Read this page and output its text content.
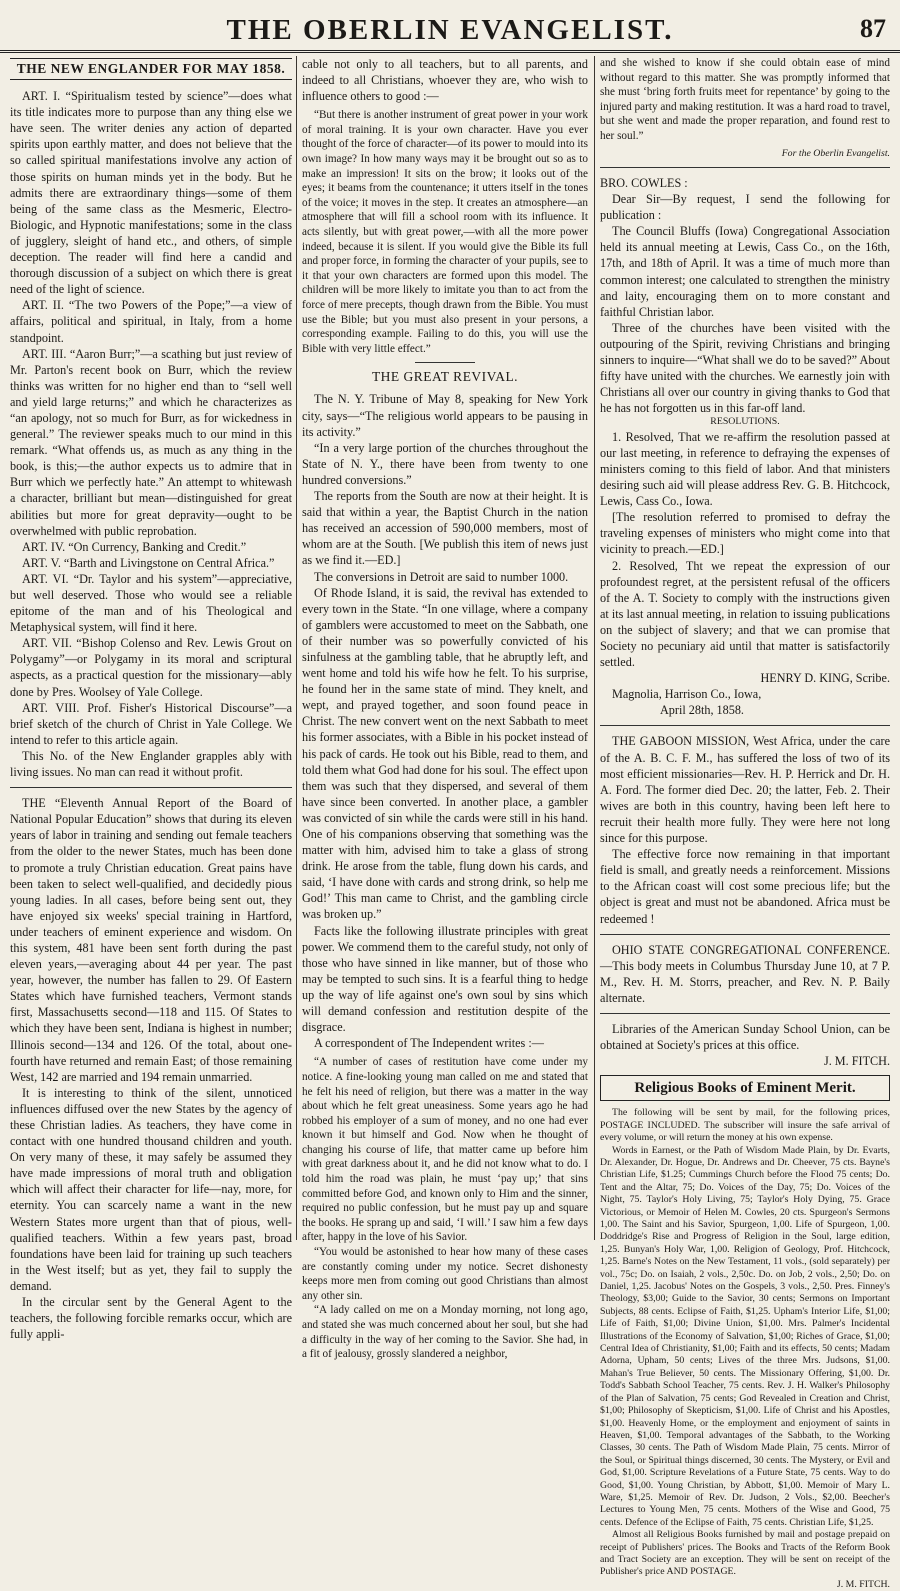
THE OBERLIN EVANGELIST.	87
THE NEW ENGLANDER FOR MAY 1858.

ART. I. “Spiritualism tested by science”—does what its title indicates more to purpose than any thing else we have seen. The writer denies any action of departed spirits upon earthly matter, and does not believe that the so called spiritual manifestations involve any action of those spirits on human minds yet in the body. But he admits there are extraordinary things—some of them being of the same class as the Mesmeric, Electro-Biologic, and Hypnotic manifestations; some in the class of jugglery, sleight of hand etc., and others, of simple deception. The reader will find here a candid and thorough discussion of a subject on which there is great need of the light of science.

ART. II. “The two Powers of the Pope;”—a view of affairs, political and spiritual, in Italy, from a home standpoint.

ART. III. “Aaron Burr;”—a scathing but just review of Mr. Parton's recent book on Burr, which the review thinks was written for no higher end than to “sell well and yield large returns;” and which he characterizes as “an apology, not so much for Burr, as for wickedness in general.” The reviewer speaks much to our mind in this remark. “What offends us, as much as any thing in the book, is this;—the author expects us to admire that in Burr which we perfectly hate.” An attempt to whitewash a character, brilliant but mean—distinguished for great abilities but more for great depravity—ought to be overwhelmed with public reprobation.

ART. IV. “On Currency, Banking and Credit.”

ART. V. “Barth and Livingstone on Central Africa.”

ART. VI. “Dr. Taylor and his system”—appreciative, but well deserved. Those who would see a reliable epitome of the man and of his Theological and Metaphysical system, will find it here.

ART. VII. “Bishop Colenso and Rev. Lewis Grout on Polygamy”—or Polygamy in its moral and scriptural aspects, as a practical question for the missionary—ably done by Pres. Woolsey of Yale College.

ART. VIII. Prof. Fisher's Historical Discourse”—a brief sketch of the church of Christ in Yale College. We intend to refer to this article again.

This No. of the New Englander grapples ably with living issues. No man can read it without profit.

THE “Eleventh Annual Report of the Board of National Popular Education” shows that during its eleven years of labor in training and sending out female teachers from the older to the newer States, much has been done to promote a truly Christian education. Great pains have been taken to select well-qualified, and decidedly pious young ladies. In all cases, before being sent out, they have enjoyed six weeks' special training in Hartford, under teachers of eminent experience and wisdom. On this system, 481 have been sent forth during the past eleven years,—averaging about 44 per year. The past year, however, the number has fallen to 29. Of Eastern States which have furnished teachers, Vermont stands first, Massachusetts second—118 and 115. Of States to which they have been sent, Indiana is highest in number; Illinois second—134 and 126. Of the total, about one-fourth have returned and remain East; of those remaining West, 142 are married and 194 remain unmarried.

It is interesting to think of the silent, unnoticed influences diffused over the new States by the agency of these Christian ladies. As teachers, they have come in contact with one hundred thousand children and youth. On very many of these, it may safely be assumed they have made impressions of moral truth and obligation which will affect their character for life—nay, more, for eternity. You can scarcely name a want in the new Western States more urgent than that of pious, well-qualified teachers. Within a few years past, broad foundations have been laid for training up such teachers in the West itself; but as yet, they fail to supply the demand.

In the circular sent by the General Agent to the teachers, the following forcible remarks occur, which are fully appli-

cable not only to all teachers, but to all parents, and indeed to all Christians, whoever they are, who wish to influence others to good :—

“But there is another instrument of great power in your work of moral training. It is your own character. Have you ever thought of the force of character—of its power to mould into its own image? In how many ways may it be brought out so as to make an impression! It sits on the brow; it looks out of the eyes; it beams from the countenance; it utters itself in the tones of the voice; it moves in the step. It creates an atmosphere—an atmosphere that will fill a school room with its influence. It acts silently, but with great power,—with all the more power indeed, because it is silent. If you would give the Bible its full and proper force, in forming the character of your pupils, see to it that your own characters are formed upon this model. The children will be more likely to imitate you than to act from the force of mere precepts, though drawn from the Bible. You must use the Bible; but you must also present in your persons, a corresponding example. Failing to do this, you will use the Bible with very little effect.”

THE GREAT REVIVAL.

The N. Y. Tribune of May 8, speaking for New York city, says—“The religious world appears to be pausing in its activity.”

“In a very large portion of the churches throughout the State of N. Y., there have been from twenty to one hundred conversions.”

The reports from the South are now at their height. It is said that within a year, the Baptist Church in the nation has received an accession of 590,000 members, most of whom are at the South. [We publish this item of news just as we find it.—ED.]

The conversions in Detroit are said to number 1000.

Of Rhode Island, it is said, the revival has extended to every town in the State. “In one village, where a company of gamblers were accustomed to meet on the Sabbath, one of their number was so powerfully convicted of his sinfulness at the gambling table, that he abruptly left, and went home and told his wife how he felt. To his surprise, he found her in the same state of mind. They knelt, and wept, and prayed together, and soon found peace in Christ. The new convert went on the next Sabbath to meet his former associates, with a Bible in his pocket instead of his pack of cards. He took out his Bible, read to them, and told them what God had done for his soul. The effect upon them was such that they dispersed, and several of them have since been converted. In another place, a gambler was convicted of sin while the cards were still in his hand. One of his companions observing that something was the matter with him, advised him to take a glass of strong drink. He arose from the table, flung down his cards, and said, ‘I have done with cards and strong drink, so help me God!’ This man came to Christ, and the gambling circle was broken up.”

Facts like the following illustrate principles with great power. We commend them to the careful study, not only of those who have sinned in like manner, but of those who may be tempted to such sins. It is a fearful thing to hedge up the way of life against one's own soul by sins which will demand confession and restitution despite of the disgrace.

A correspondent of The Independent writes :—

“A number of cases of restitution have come under my notice. A fine-looking young man called on me and stated that he felt his need of religion, but there was a matter in the way about which he felt great uneasiness. Some years ago he had robbed his employer of a sum of money, and no one had ever known it but himself and God. Now when he thought of changing his course of life, that matter came up before him with great darkness about it, and he did not know what to do. I told him the road was plain, he must ‘pay up;’ that sins committed before God, and known only to Him and the sinner, required no public confession, but he must pay up and square the books. He sprang up and said, ‘I will.’ I saw him a few days after, happy in the love of his Savior.

“You would be astonished to hear how many of these cases are constantly coming under my notice. Secret dishonesty keeps more men from coming out good Christians than almost any other sin.

“A lady called on me on a Monday morning, not long ago, and stated she was much concerned about her soul, but she had a difficulty in the way of her coming to the Savior. She had, in a fit of jealousy, grossly slandered a neighbor,

and she wished to know if she could obtain ease of mind without regard to this matter. She was promptly informed that she must ‘bring forth fruits meet for repentance’ by going to the injured party and making restitution. It was a hard road to travel, but she went and made the proper reparation, and found rest to her soul.”

For the Oberlin Evangelist.

BRO. COWLES :

Dear Sir—By request, I send the following for publication :

The Council Bluffs (Iowa) Congregational Association held its annual meeting at Lewis, Cass Co., on the 16th, 17th, and 18th of April. It was a time of much more than common interest; one calculated to strengthen the ministry and laity, encouraging them on to more constant and faithful Christian labor.

Three of the churches have been visited with the outpouring of the Spirit, reviving Christians and bringing sinners to inquire—“What shall we do to be saved?” About fifty have united with the churches. We earnestly join with Christians all over our country in giving thanks to God that he has not forgotten us in this far-off land.

RESOLUTIONS.

1. Resolved, That we re-affirm the resolution passed at our last meeting, in reference to defraying the expenses of ministers coming to this field of labor. And that ministers desiring such aid will please address Rev. G. B. Hitchcock, Lewis, Cass Co., Iowa.

[The resolution referred to promised to defray the traveling expenses of ministers who might come into that vicinity to preach.—ED.]

2. Resolved, Tht we repeat the expression of our profoundest regret, at the persistent refusal of the officers of the A. T. Society to comply with the instructions given at its last annual meeting, in relation to issuing publications on the subject of slavery; and that we can promise that Society no pecuniary aid until that matter is satisfactorily settled.

HENRY D. KING, Scribe.

Magnolia, Harrison Co., Iowa,

April 28th, 1858.

THE GABOON MISSION, West Africa, under the care of the A. B. C. F. M., has suffered the loss of two of its most efficient missionaries—Rev. H. P. Herrick and Dr. H. A. Ford. The former died Dec. 20; the latter, Feb. 2. Their wives are both in this country, having been left here to recruit their health more fully. They were here not long since for this purpose.

The effective force now remaining in that important field is small, and greatly needs a reinforcement. Missions to the African coast will cost some precious life; but the object is great and must not be abandoned. Africa must be redeemed !

OHIO STATE CONGREGATIONAL CONFERENCE.—This body meets in Columbus Thursday June 10, at 7 P. M., Rev. H. M. Storrs, preacher, and Rev. N. P. Baily alternate.

Libraries of the American Sunday School Union, can be obtained at Society's prices at this office.

J. M. FITCH.

Religious Books of Eminent Merit.

The following will be sent by mail, for the following prices, POSTAGE INCLUDED. The subscriber will insure the safe arrival of every volume, or will return the money at his own expense.

Words in Earnest, or the Path of Wisdom Made Plain, by Dr. Evarts, Dr. Alexander, Dr. Hogue, Dr. Andrews and Dr. Cheever, 75 cts. Bayne's Christian Life, $1.25; Cummings Church before the Flood 75 cents; Do. Tent and the Altar, 75; Do. Voices of the Day, 75; Do. Voices of the Night, 75. Taylor's Holy Living, 75; Taylor's Holy Dying, 75. Grace Victorious, or Memoir of Helen M. Cowles, 20 cts. Spurgeon's Sermons 1,00. The Saint and his Savior, Spurgeon, 1,00. Life of Spurgeon, 1,00. Doddridge's Rise and Progress of Religion in the Soul, large edition, 1,25. Bunyan's Holy War, 1,00. Religion of Geology, Prof. Hitchcock, 1,25. Barne's Notes on the New Testament, 11 vols., (sold separately) per vol., 75c; Do. on Isaiah, 2 vols., 2,50c. Do. on Job, 2 vols., 2,50; Do. on Daniel, 1,25. Jacobus' Notes on the Gospels, 3 vols., 2,50. Pres. Finney's Theology, $3,00; Guide to the Savior, 30 cents; Sermons on Important Subjects, 88 cents. Eclipse of Faith, $1,25. Upham's Interior Life, $1,00; Life of Faith, $1,00; Divine Union, $1,00. Mrs. Palmer's Incidental Illustrations of the Economy of Salvation, $1,00; Riches of Grace, $1,00; Central Idea of Christianity, $1,00; Faith and its effects, 50 cents; Madam Adorna, Upham, 50 cents; Lives of the three Mrs. Judsons, $1,00. Mahan's True Believer, 50 cents. The Missionary Offering, $1,00. Dr. Todd's Sabbath School Teacher, 75 cents. Rev. J. H. Walker's Philosophy of the Plan of Salvation, 75 cents; God Revealed in Creation and Christ, $1,00; Philosophy of Skepticism, $1,00. Life of Christ and his Apostles, $1,00. Heavenly Home, or the employment and enjoyment of saints in Heaven, $1,00. Temporal advantages of the Sabbath, to the Working Classes, 30 cents. The Path of Wisdom Made Plain, 75 cents. Mirror of the Soul, or Spiritual things discerned, 30 cents. The Mystery, or Evil and God, $1,00. Scripture Revelations of a Future State, 75 cents. Way to do Good, $1,00. Young Christian, by Abbott, $1,00. Memoir of Mary L. Ware, $1,25. Memoir of Rev. Dr. Judson, 2 Vols., $2,00. Beecher's Lectures to Young Men, 75 cents. Mothers of the Wise and Good, 75 cents. Defence of the Eclipse of Faith, 75 cents. Christian Life, $1,25.

Almost all Religious Books furnished by mail and postage prepaid on receipt of Publishers' prices. The Books and Tracts of the Reform Book and Tract Society are an exception. They will be sent on receipt of the Publisher's price AND POSTAGE.

J. M. FITCH.
